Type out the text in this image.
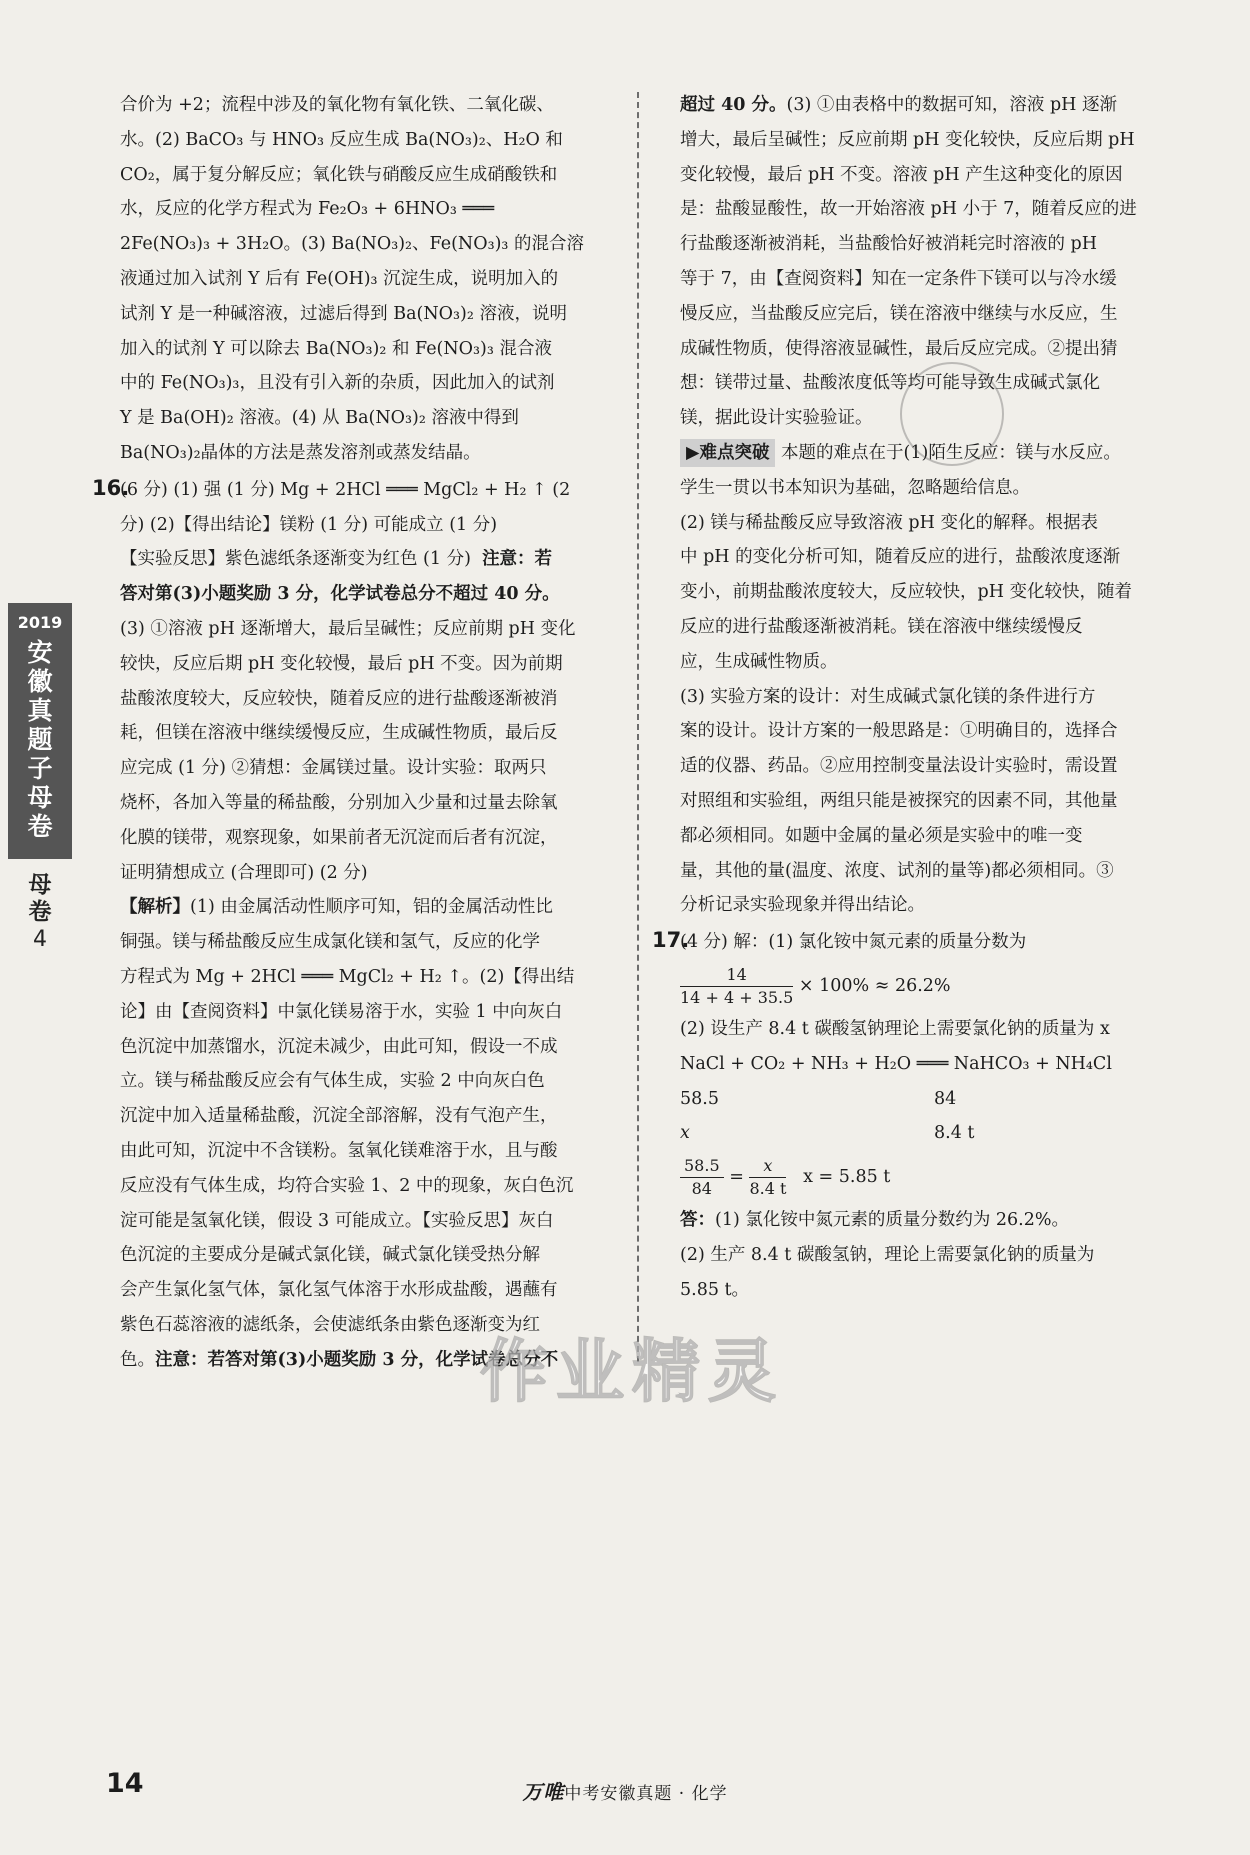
合价为 +2；流程中涉及的氧化物有氧化铁、二氧化碳、
水。(2) BaCO₃ 与 HNO₃ 反应生成 Ba(NO₃)₂、H₂O 和
CO₂，属于复分解反应；氧化铁与硝酸反应生成硝酸铁和
水，反应的化学方程式为 Fe₂O₃ + 6HNO₃ ═══
2Fe(NO₃)₃ + 3H₂O。(3) Ba(NO₃)₂、Fe(NO₃)₃ 的混合溶
液通过加入试剂 Y 后有 Fe(OH)₃ 沉淀生成，说明加入的
试剂 Y 是一种碱溶液，过滤后得到 Ba(NO₃)₂ 溶液，说明
加入的试剂 Y 可以除去 Ba(NO₃)₂ 和 Fe(NO₃)₃ 混合液
中的 Fe(NO₃)₃，且没有引入新的杂质，因此加入的试剂
Y 是 Ba(OH)₂ 溶液。(4) 从 Ba(NO₃)₂ 溶液中得到
Ba(NO₃)₂晶体的方法是蒸发溶剂或蒸发结晶。
16.(6 分) (1) 强 (1 分) Mg + 2HCl ═══ MgCl₂ + H₂ ↑ (2
分) (2)【得出结论】镁粉 (1 分) 可能成立 (1 分)
【实验反思】紫色滤纸条逐渐变为红色 (1 分) 注意：若
答对第(3)小题奖励 3 分，化学试卷总分不超过 40 分。
(3) ①溶液 pH 逐渐增大，最后呈碱性；反应前期 pH 变化
较快，反应后期 pH 变化较慢，最后 pH 不变。因为前期
盐酸浓度较大，反应较快，随着反应的进行盐酸逐渐被消
耗，但镁在溶液中继续缓慢反应，生成碱性物质，最后反
应完成 (1 分) ②猜想：金属镁过量。设计实验：取两只
烧杯，各加入等量的稀盐酸，分别加入少量和过量去除氧
化膜的镁带，观察现象，如果前者无沉淀而后者有沉淀，
证明猜想成立 (合理即可) (2 分)
【解析】(1) 由金属活动性顺序可知，铝的金属活动性比
铜强。镁与稀盐酸反应生成氯化镁和氢气，反应的化学
方程式为 Mg + 2HCl ═══ MgCl₂ + H₂ ↑。(2)【得出结
论】由【查阅资料】中氯化镁易溶于水，实验 1 中向灰白
色沉淀中加蒸馏水，沉淀未减少，由此可知，假设一不成
立。镁与稀盐酸反应会有气体生成，实验 2 中向灰白色
沉淀中加入适量稀盐酸，沉淀全部溶解，没有气泡产生，
由此可知，沉淀中不含镁粉。氢氧化镁难溶于水，且与酸
反应没有气体生成，均符合实验 1、2 中的现象，灰白色沉
淀可能是氢氧化镁，假设 3 可能成立。【实验反思】灰白
色沉淀的主要成分是碱式氯化镁，碱式氯化镁受热分解
会产生氯化氢气体，氯化氢气体溶于水形成盐酸，遇蘸有
紫色石蕊溶液的滤纸条，会使滤纸条由紫色逐渐变为红
色。注意：若答对第(3)小题奖励 3 分，化学试卷总分不
超过 40 分。(3) ①由表格中的数据可知，溶液 pH 逐渐
增大，最后呈碱性；反应前期 pH 变化较快，反应后期 pH
变化较慢，最后 pH 不变。溶液 pH 产生这种变化的原因
是：盐酸显酸性，故一开始溶液 pH 小于 7，随着反应的进
行盐酸逐渐被消耗，当盐酸恰好被消耗完时溶液的 pH
等于 7，由【查阅资料】知在一定条件下镁可以与冷水缓
慢反应，当盐酸反应完后，镁在溶液中继续与水反应，生
成碱性物质，使得溶液显碱性，最后反应完成。②提出猜
想：镁带过量、盐酸浓度低等均可能导致生成碱式氯化
镁，据此设计实验验证。
▶难点突破 本题的难点在于(1)陌生反应：镁与水反应。
学生一贯以书本知识为基础，忽略题给信息。
(2) 镁与稀盐酸反应导致溶液 pH 变化的解释。根据表
中 pH 的变化分析可知，随着反应的进行，盐酸浓度逐渐
变小，前期盐酸浓度较大，反应较快，pH 变化较快，随着
反应的进行盐酸逐渐被消耗。镁在溶液中继续缓慢反
应，生成碱性物质。
(3) 实验方案的设计：对生成碱式氯化镁的条件进行方
案的设计。设计方案的一般思路是：①明确目的，选择合
适的仪器、药品。②应用控制变量法设计实验时，需设置
对照组和实验组，两组只能是被探究的因素不同，其他量
都必须相同。如题中金属的量必须是实验中的唯一变
量，其他的量(温度、浓度、试剂的量等)都必须相同。③
分析记录实验现象并得出结论。
17.(4 分) 解：(1) 氯化铵中氮元素的质量分数为
$\frac{14}{14 + 4 + 35.5} \times 100\% \approx 26.2\%$
(2) 设生产 8.4 t 碳酸氢钠理论上需要氯化钠的质量为 x
NaCl + CO₂ + NH₃ + H₂O ═══ NaHCO₃ + NH₄Cl
58.5	84
x	8.4 t
$\frac{58.5}{84} = \frac{x}{8.4 t}$ x = 5.85 t
答：(1) 氯化铵中氮元素的质量分数约为 26.2%。
(2) 生产 8.4 t 碳酸氢钠，理论上需要氯化钠的质量为
5.85 t。
2019
安徽真题子母卷
母卷
4
作业精灵
14	万唯中考安徽真题 · 化学
